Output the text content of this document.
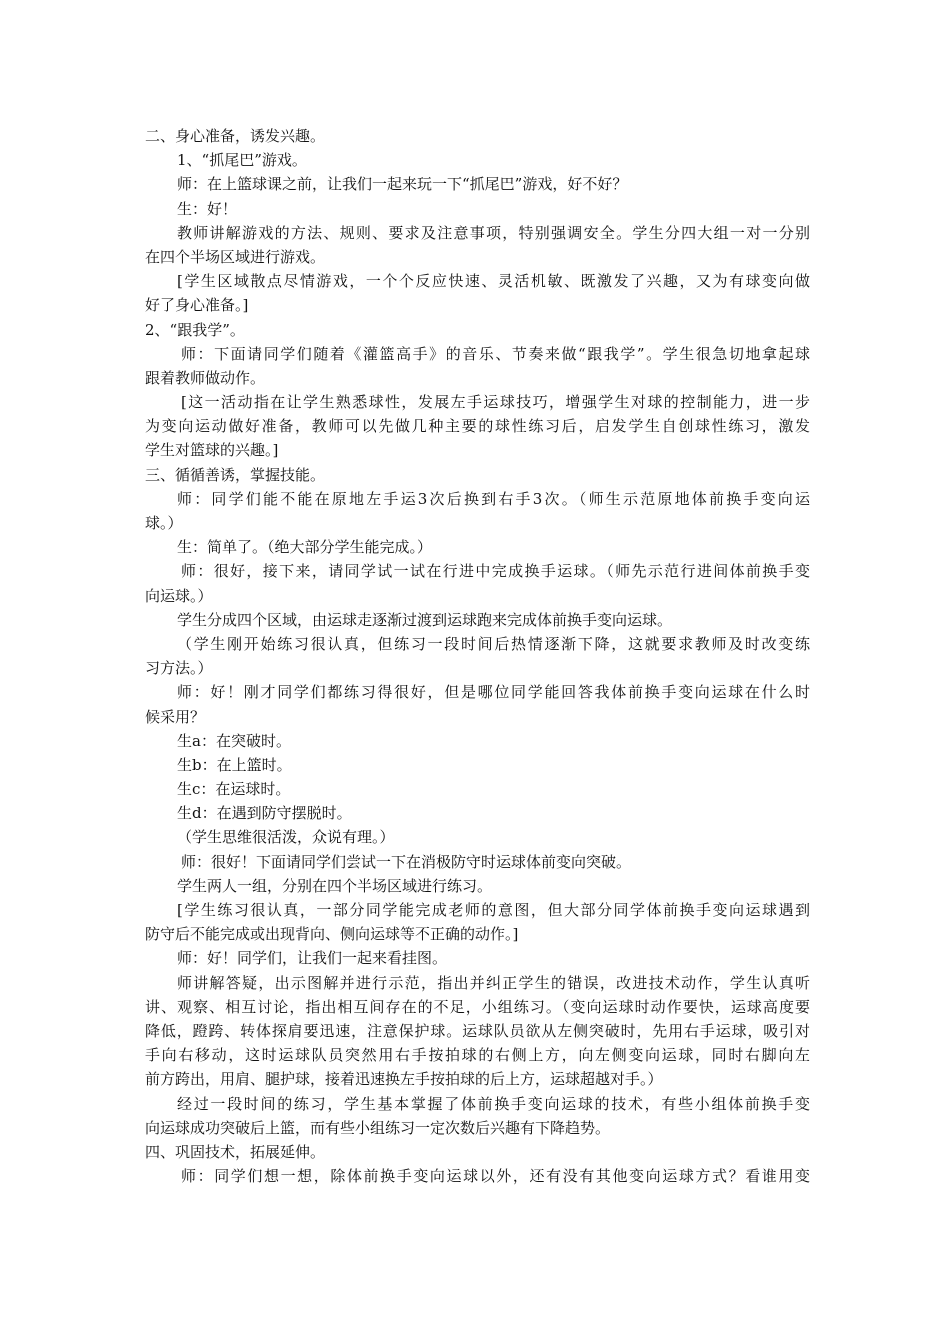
二、身心准备，诱发兴趣。
1、“抓尾巴”游戏。
师：在上篮球课之前，让我们一起来玩一下“抓尾巴”游戏，好不好？
生：好！
教师讲解游戏的方法、规则、要求及注意事项，特别强调安全。学生分四大组一对一分别
在四个半场区域进行游戏。
[学生区域散点尽情游戏，一个个反应快速、灵活机敏、既激发了兴趣，又为有球变向做
好了身心准备。]
2、“跟我学”。
师：下面请同学们随着《灌篮高手》的音乐、节奏来做“跟我学”。学生很急切地拿起球
跟着教师做动作。
[这一活动指在让学生熟悉球性，发展左手运球技巧，增强学生对球的控制能力，进一步
为变向运动做好准备，教师可以先做几种主要的球性练习后，启发学生自创球性练习，激发
学生对篮球的兴趣。]
三、循循善诱，掌握技能。
师：同学们能不能在原地左手运3次后换到右手3次。（师生示范原地体前换手变向运
球。）
生：简单了。（绝大部分学生能完成。）
师：很好，接下来，请同学试一试在行进中完成换手运球。（师先示范行进间体前换手变
向运球。）
学生分成四个区域，由运球走逐渐过渡到运球跑来完成体前换手变向运球。
（学生刚开始练习很认真，但练习一段时间后热情逐渐下降，这就要求教师及时改变练
习方法。）
师：好！刚才同学们都练习得很好，但是哪位同学能回答我体前换手变向运球在什么时
候采用？
生a：在突破时。
生b：在上篮时。
生c：在运球时。
生d：在遇到防守摆脱时。
（学生思维很活泼，众说有理。）
师：很好！下面请同学们尝试一下在消极防守时运球体前变向突破。
学生两人一组，分别在四个半场区域进行练习。
[学生练习很认真，一部分同学能完成老师的意图，但大部分同学体前换手变向运球遇到
防守后不能完成或出现背向、侧向运球等不正确的动作。]
师：好！同学们，让我们一起来看挂图。
师讲解答疑，出示图解并进行示范，指出并纠正学生的错误，改进技术动作，学生认真听
讲、观察、相互讨论，指出相互间存在的不足，小组练习。（变向运球时动作要快，运球高度要
降低，蹬跨、转体探肩要迅速，注意保护球。运球队员欲从左侧突破时，先用右手运球，吸引对
手向右移动，这时运球队员突然用右手按拍球的右侧上方，向左侧变向运球，同时右脚向左
前方跨出，用肩、腿护球，接着迅速换左手按拍球的后上方，运球超越对手。）
经过一段时间的练习，学生基本掌握了体前换手变向运球的技术，有些小组体前换手变
向运球成功突破后上篮，而有些小组练习一定次数后兴趣有下降趋势。
四、巩固技术，拓展延伸。
师：同学们想一想，除体前换手变向运球以外，还有没有其他变向运球方式？看谁用变
